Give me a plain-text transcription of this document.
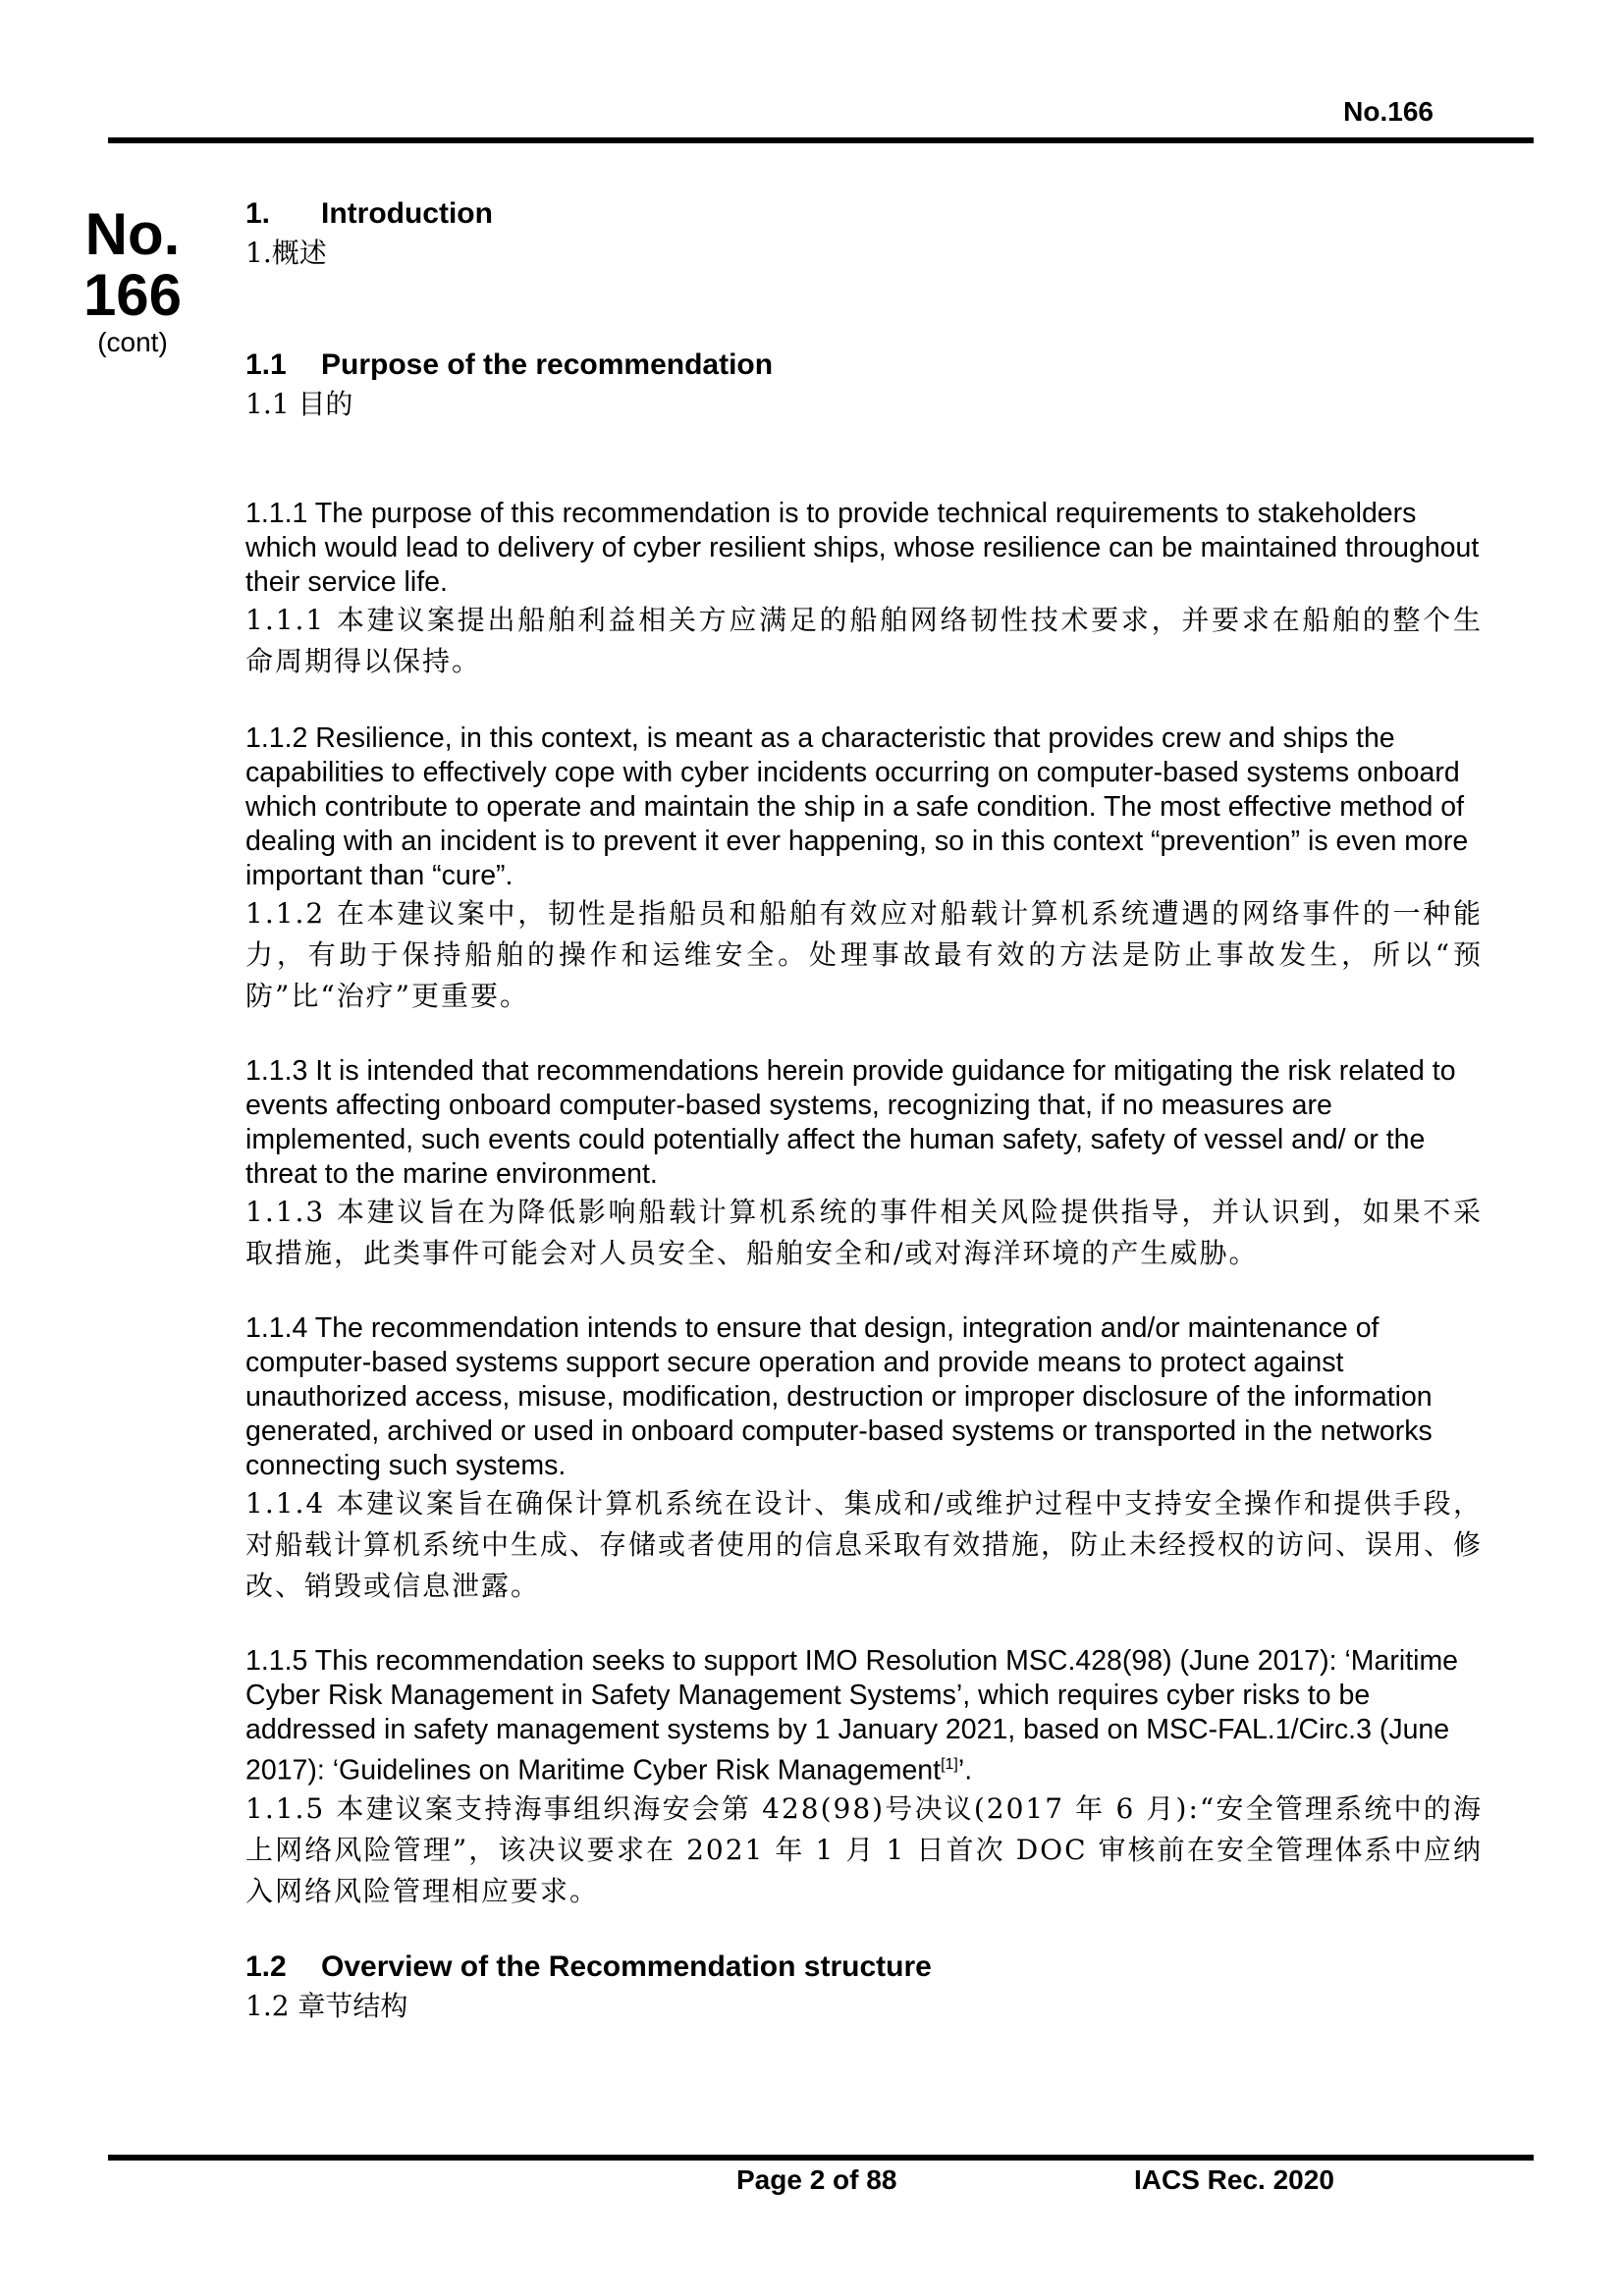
No.166
No.
166
(cont)
1.	Introduction
1.概述
1.1	Purpose of the recommendation
1.1 目的

1.1.1 The purpose of this recommendation is to provide technical requirements to stakeholders which would lead to delivery of cyber resilient ships, whose resilience can be maintained throughout their service life.

1.1.1 本建议案提出船舶利益相关方应满足的船舶网络韧性技术要求，并要求在船舶的整个生命周期得以保持。

1.1.2 Resilience, in this context, is meant as a characteristic that provides crew and ships the capabilities to effectively cope with cyber incidents occurring on computer-based systems onboard which contribute to operate and maintain the ship in a safe condition. The most effective method of dealing with an incident is to prevent it ever happening, so in this context “prevention” is even more important than “cure”.

1.1.2 在本建议案中，韧性是指船员和船舶有效应对船载计算机系统遭遇的网络事件的一种能力，有助于保持船舶的操作和运维安全。处理事故最有效的方法是防止事故发生，所以“预防”比“治疗”更重要。

1.1.3 It is intended that recommendations herein provide guidance for mitigating the risk related to events affecting onboard computer-based systems, recognizing that, if no measures are implemented, such events could potentially affect the human safety, safety of vessel and/ or the threat to the marine environment.

1.1.3 本建议旨在为降低影响船载计算机系统的事件相关风险提供指导，并认识到，如果不采取措施，此类事件可能会对人员安全、船舶安全和/或对海洋环境的产生威胁。

1.1.4 The recommendation intends to ensure that design, integration and/or maintenance of computer-based systems support secure operation and provide means to protect against unauthorized access, misuse, modification, destruction or improper disclosure of the information generated, archived or used in onboard computer-based systems or transported in the networks connecting such systems.

1.1.4 本建议案旨在确保计算机系统在设计、集成和/或维护过程中支持安全操作和提供手段，对船载计算机系统中生成、存储或者使用的信息采取有效措施，防止未经授权的访问、误用、修改、销毁或信息泄露。

1.1.5 This recommendation seeks to support IMO Resolution MSC.428(98) (June 2017): ‘Maritime Cyber Risk Management in Safety Management Systems’, which requires cyber risks to be addressed in safety management systems by 1 January 2021, based on MSC-FAL.1/Circ.3 (June 2017): ‘Guidelines on Maritime Cyber Risk Management[1]’.

1.1.5 本建议案支持海事组织海安会第 428(98)号决议(2017 年 6 月):“安全管理系统中的海上网络风险管理”，该决议要求在 2021 年 1 月 1 日首次 DOC 审核前在安全管理体系中应纳入网络风险管理相应要求。

1.2	Overview of the Recommendation structure
1.2 章节结构
Page 2 of 88	IACS Rec. 2020
